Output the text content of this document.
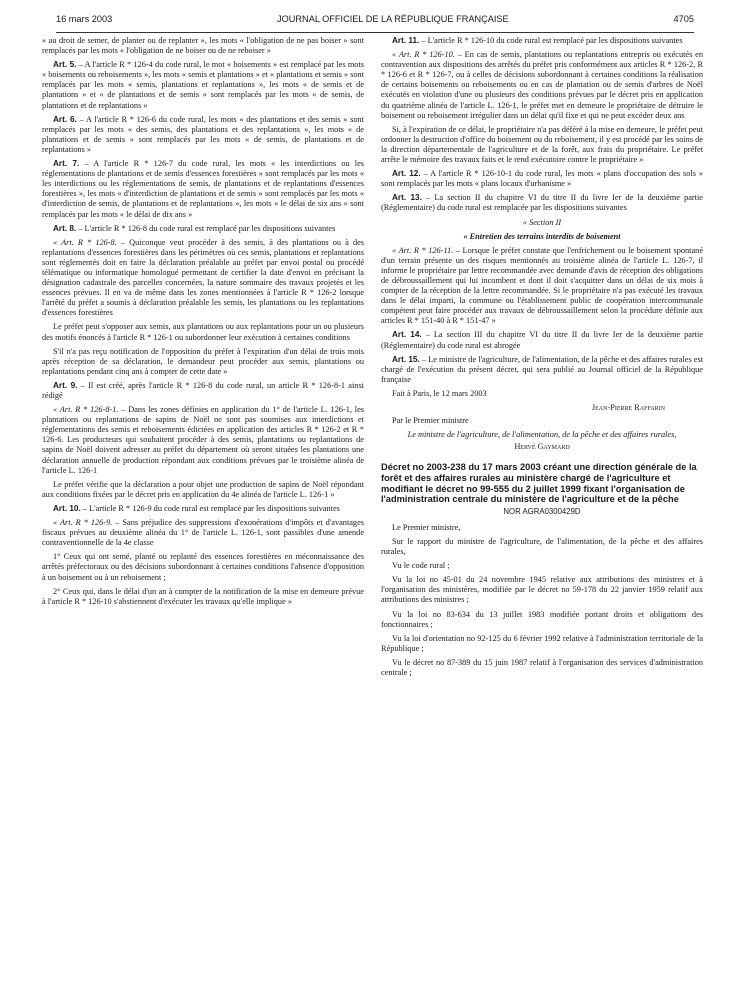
16 mars 2003	JOURNAL OFFICIEL DE LA RÉPUBLIQUE FRANÇAISE	4705

« au droit de semer, de planter ou de replanter », les mots « l'obligation de ne pas boiser » sont remplacés par les mots « l'obligation de ne boiser ou de ne reboiser »

Art. 5. – A l'article R * 126-4 du code rural, le mot « boisements » est remplacé par les mots « boisements ou reboisements », les mots « semis et plantations » et « plantations et semis » sont remplacés par les mots « semis, plantations et replantations », les mots « de semis et de plantations » et « de plantations et de semis » sont remplacés par les mots « de semis, de plantations et de replantations »

Art. 6. – A l'article R * 126-6 du code rural, les mots « des plantations et des semis » sont remplacés par les mots « des semis, des plantations et des replantations », les mots « de plantations et de semis » sont remplacés par les mots « de semis, de plantations et de replantations »

Art. 7. – A l'article R * 126-7 du code rural, les mots « les interdictions ou les réglementations de plantations et de semis d'essences forestières » sont remplacés par les mots « les interdictions ou les réglementations de semis, de plantations et de replantations d'essences forestières », les mots « d'interdiction de plantations et de semis » sont remplacés par les mots « d'interdiction de semis, de plantations et de replantations », les mots « le délai de six ans » sont remplacés par les mots « le délai de dix ans »

Art. 8. – L'article R * 126-8 du code rural est remplacé par les dispositions suivantes

« Art. R * 126-8. – Quiconque veut procéder à des semis, à des plantations ou à des replantations d'essences forestières dans les périmètres où ces semis, plantations et replantations sont réglementés doit en faire la déclaration préalable au préfet par envoi postal ou procédé télématique ou informatique homologué permettant de certifier la date d'envoi en précisant la désignation cadastrale des parcelles concernées, la nature sommaire des travaux projetés et les essences prévues. Il en va de même dans les zones mentionnées à l'article R * 126-2 lorsque l'arrêté du préfet a soumis à déclaration préalable les semis, les plantations ou les replantations d'essences forestières

Le préfet peut s'opposer aux semis, aux plantations ou aux replantations pour un ou plusieurs des motifs énoncés à l'article R * 126-1 ou subordonner leur exécution à certaines conditions

S'il n'a pas reçu notification de l'opposition du préfet à l'expiration d'un délai de trois mois après réception de sa déclaration, le demandeur peut procéder aux semis, plantations ou replantations pendant cinq ans à compter de cette date »

Art. 9. – Il est créé, après l'article R * 126-8 du code rural, un article R * 126-8-1 ainsi rédigé

« Art. R * 126-8-1. – Dans les zones définies en application du 1° de l'article L. 126-1, les plantations ou replantations de sapins de Noël ne sont pas soumises aux interdictions et réglementations des semis et reboisements édictées en application des articles R * 126-2 et R * 126-6. Les producteurs qui souhaitent procéder à des semis, plantations ou replantations de sapins de Noël doivent adresser au préfet du département où seront situées les plantations une déclaration annuelle de production répondant aux conditions prévues par le troisième alinéa de l'article L. 126-1

Le préfet vérifie que la déclaration a pour objet une production de sapins de Noël répondant aux conditions fixées par le décret pris en application du 4e alinéa de l'article L. 126-1 »

Art. 10. – L'article R * 126-9 du code rural est remplacé par les dispositions suivantes

« Art. R * 126-9. – Sans préjudice des suppressions d'exonérations d'impôts et d'avantages fiscaux prévues au deuxième alinéa du 1° de l'article L. 126-1, sont passibles d'une amende contraventionnelle de la 4e classe

1° Ceux qui ont semé, planté ou replanté des essences forestières en méconnaissance des arrêtés préfectoraux ou des décisions subordonnant à certaines conditions l'absence d'opposition à un boisement ou à un reboisement ;

2° Ceux qui, dans le délai d'un an à compter de la notification de la mise en demeure prévue à l'article R * 126-10 s'abstiennent d'exécuter les travaux qu'elle implique »

Art. 11. – L'article R * 126-10 du code rural est remplacé par les dispositions suivantes

« Art. R * 126-10. – En cas de semis, plantations ou replantations entrepris ou exécutés en contravention aux dispositions des arrêtés du préfet pris conformément aux articles R * 126-2, R * 126-6 et R * 126-7, ou à celles de décisions subordonnant à certaines conditions la réalisation de certains boisements ou reboisements ou en cas de plantation ou de semis d'arbres de Noël exécutés en violation d'une ou plusieurs des conditions prévues par le décret pris en application du quatrième alinéa de l'article L. 126-1, le préfet met en demeure le propriétaire de détruire le boisement ou reboisement irrégulier dans un délai qu'il fixe et qui ne peut excéder deux ans

Si, à l'expiration de ce délai, le propriétaire n'a pas déféré à la mise en demeure, le préfet peut ordonner la destruction d'office du boisement ou du reboisement, il y est procédé par les soins de la direction départementale de l'agriculture et de la forêt, aux frais du propriétaire. Le préfet arrête le mémoire des travaux faits et le rend exécutoire contre le propriétaire »

Art. 12. – A l'article R * 126-10-1 du code rural, les mots « plans d'occupation des sols » sont remplacés par les mots « plans locaux d'urbanisme »

Art. 13. – La section II du chapitre VI du titre II du livre Ier de la deuxième partie (Réglementaire) du code rural est remplacée par les dispositions suivantes

« Section II

« Entretien des terrains interdits de boisement

« Art. R * 126-11. – Lorsque le préfet constate que l'enfrichement ou le boisement spontané d'un terrain présente un des risques mentionnés au troisième alinéa de l'article L. 126-7, il informe le propriétaire par lettre recommandée avec demande d'avis de réception des obligations de débroussaillement qui lui incombent et dont il doit s'acquitter dans un délai de six mois à compter de la réception de la lettre recommandée. Si le propriétaire n'a pas exécuté les travaux dans le délai imparti, la commune ou l'établissement public de coopération intercommunale compétent peut faire procéder aux travaux de débroussaillement selon la procédure définie aux articles R * 151-40 à R * 151-47 »

Art. 14. – La section III du chapitre VI du titre II du livre Ier de la deuxième partie (Réglementaire) du code rural est abrogée

Art. 15. – Le ministre de l'agriculture, de l'alimentation, de la pêche et des affaires rurales est chargé de l'exécution du présent décret, qui sera publié au Journal officiel de la République française

Fait à Paris, le 12 mars 2003

Jean-Pierre Raffarin

Par le Premier ministre

Le ministre de l'agriculture, de l'alimentation, de la pêche et des affaires rurales,

Hervé Gaymard

Décret no 2003-238 du 17 mars 2003 créant une direction générale de la forêt et des affaires rurales au ministère chargé de l'agriculture et modifiant le décret no 99-555 du 2 juillet 1999 fixant l'organisation de l'administration centrale du ministère de l'agriculture et de la pêche

NOR AGRA0300429D

Le Premier ministre,

Sur le rapport du ministre de l'agriculture, de l'alimentation, de la pêche et des affaires rurales,

Vu le code rural ;

Vu la loi no 45-01 du 24 novembre 1945 relative aux attributions des ministres et à l'organisation des ministères, modifiée par le décret no 59-178 du 22 janvier 1959 relatif aux attributions des ministres ;

Vu la loi no 83-634 du 13 juillet 1983 modifiée portant droits et obligations des fonctionnaires ;

Vu la loi d'orientation no 92-125 du 6 février 1992 relative à l'administration territoriale de la République ;

Vu le décret no 87-389 du 15 juin 1987 relatif à l'organisation des services d'administration centrale ;
